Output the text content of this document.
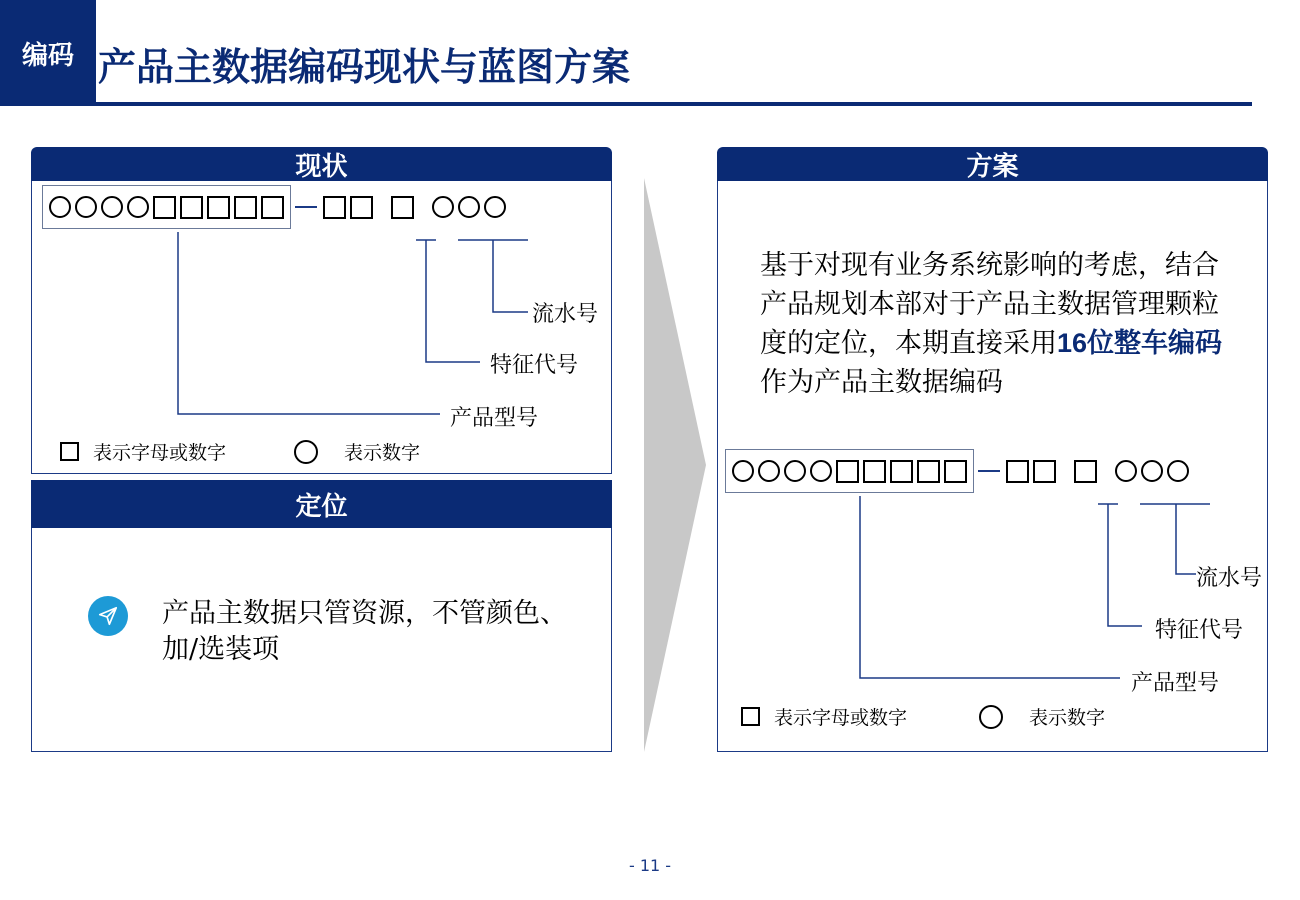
编码 产品主数据编码现状与蓝图方案
现状
流水号
特征代号
产品型号
表示字母或数字	表示数字
定位
产品主数据只管资源，不管颜色、加/选装项
方案
基于对现有业务系统影响的考虑，结合产品规划本部对于产品主数据管理颗粒度的定位，本期直接采用16位整车编码作为产品主数据编码
流水号
特征代号
产品型号
表示字母或数字	表示数字
- 11 -
